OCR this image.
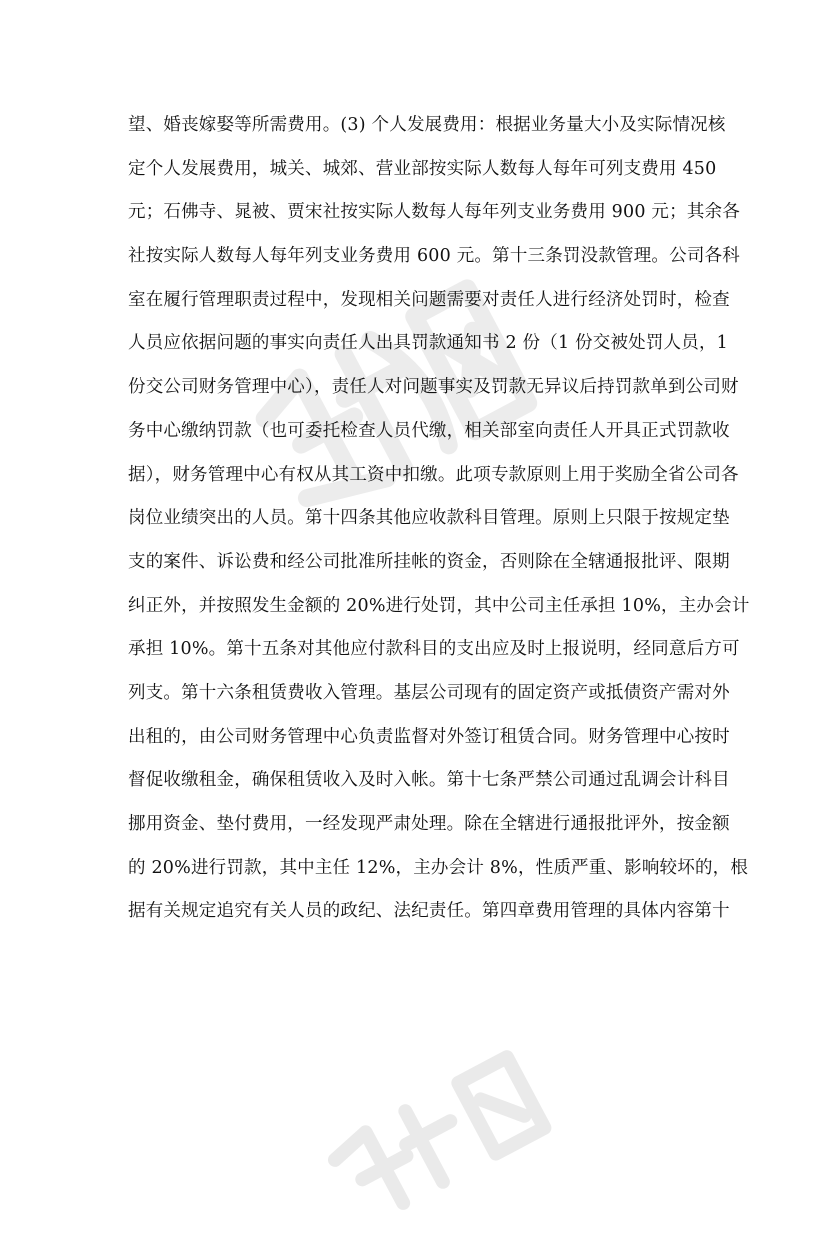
望、婚丧嫁娶等所需费用。(3) 个人发展费用：根据业务量大小及实际情况核
定个人发展费用，城关、城郊、营业部按实际人数每人每年可列支费用 450
元；石佛寺、晁被、贾宋社按实际人数每人每年列支业务费用 900 元；其余各
社按实际人数每人每年列支业务费用 600 元。第十三条罚没款管理。公司各科
室在履行管理职责过程中，发现相关问题需要对责任人进行经济处罚时，检查
人员应依据问题的事实向责任人出具罚款通知书 2 份（1 份交被处罚人员，1
份交公司财务管理中心），责任人对问题事实及罚款无异议后持罚款单到公司财
务中心缴纳罚款（也可委托检查人员代缴，相关部室向责任人开具正式罚款收
据），财务管理中心有权从其工资中扣缴。此项专款原则上用于奖励全省公司各
岗位业绩突出的人员。第十四条其他应收款科目管理。原则上只限于按规定垫
支的案件、诉讼费和经公司批准所挂帐的资金，否则除在全辖通报批评、限期
纠正外，并按照发生金额的 20%进行处罚，其中公司主任承担 10%，主办会计
承担 10%。第十五条对其他应付款科目的支出应及时上报说明，经同意后方可
列支。第十六条租赁费收入管理。基层公司现有的固定资产或抵债资产需对外
出租的，由公司财务管理中心负责监督对外签订租赁合同。财务管理中心按时
督促收缴租金，确保租赁收入及时入帐。第十七条严禁公司通过乱调会计科目
挪用资金、垫付费用，一经发现严肃处理。除在全辖进行通报批评外，按金额
的 20%进行罚款，其中主任 12%，主办会计 8%，性质严重、影响较坏的，根
据有关规定追究有关人员的政纪、法纪责任。第四章费用管理的具体内容第十
